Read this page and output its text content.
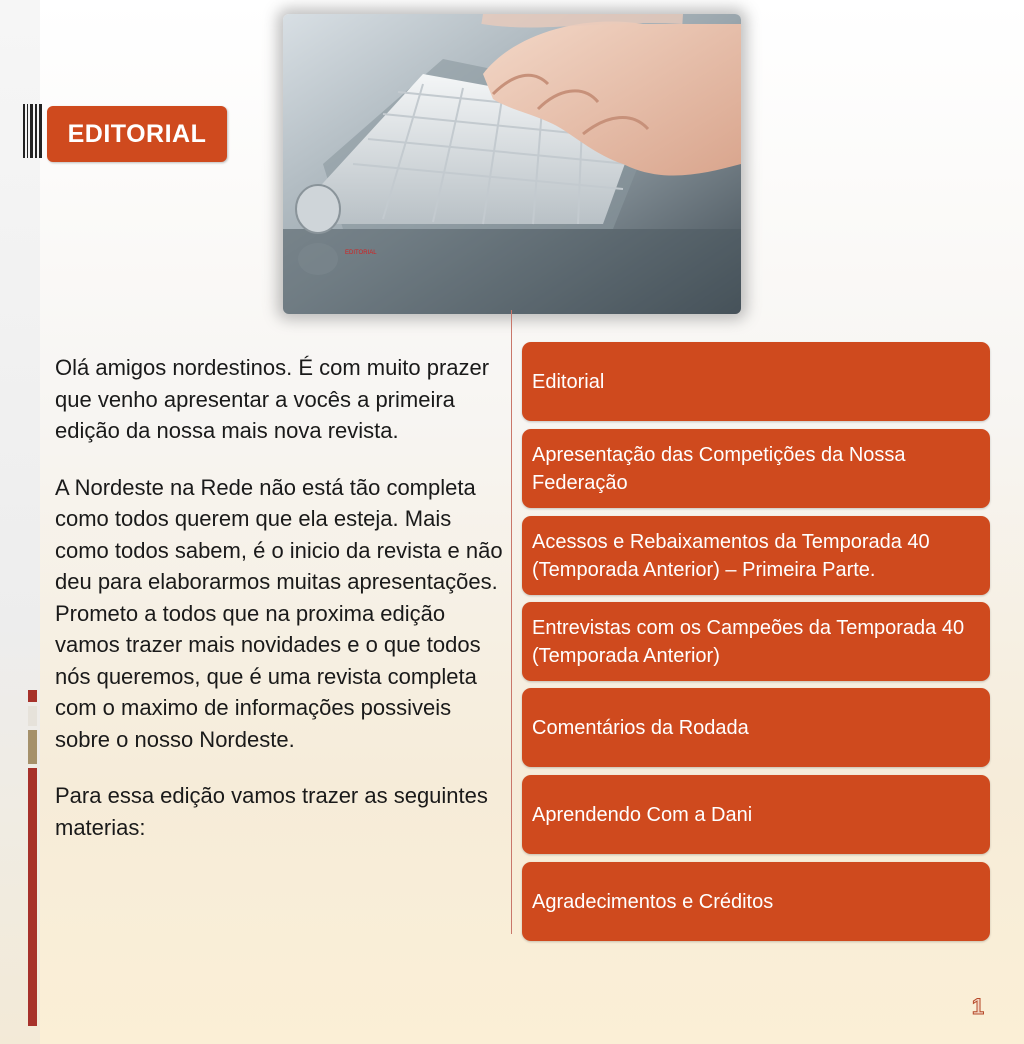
EDITORIAL
EDITORIAL

Olá amigos nordestinos. É com muito prazer que venho apresentar a vocês a primeira edição da nossa mais nova revista.

A Nordeste na Rede não está tão completa como todos querem que ela esteja. Mais como todos sabem, é o inicio da revista e não deu para elaborarmos muitas apresentações. Prometo a todos que na proxima edição vamos trazer mais novidades e o que todos nós queremos, que é uma revista completa com o maximo de informações possiveis sobre o nosso Nordeste.

Para essa edição vamos trazer as seguintes materias:

Editorial
Apresentação das Competições da Nossa Federação
Acessos e Rebaixamentos da Temporada 40 (Temporada Anterior) – Primeira Parte.
Entrevistas com os Campeões da Temporada 40 (Temporada Anterior)
Comentários da Rodada
Aprendendo Com a Dani
Agradecimentos e Créditos
1
